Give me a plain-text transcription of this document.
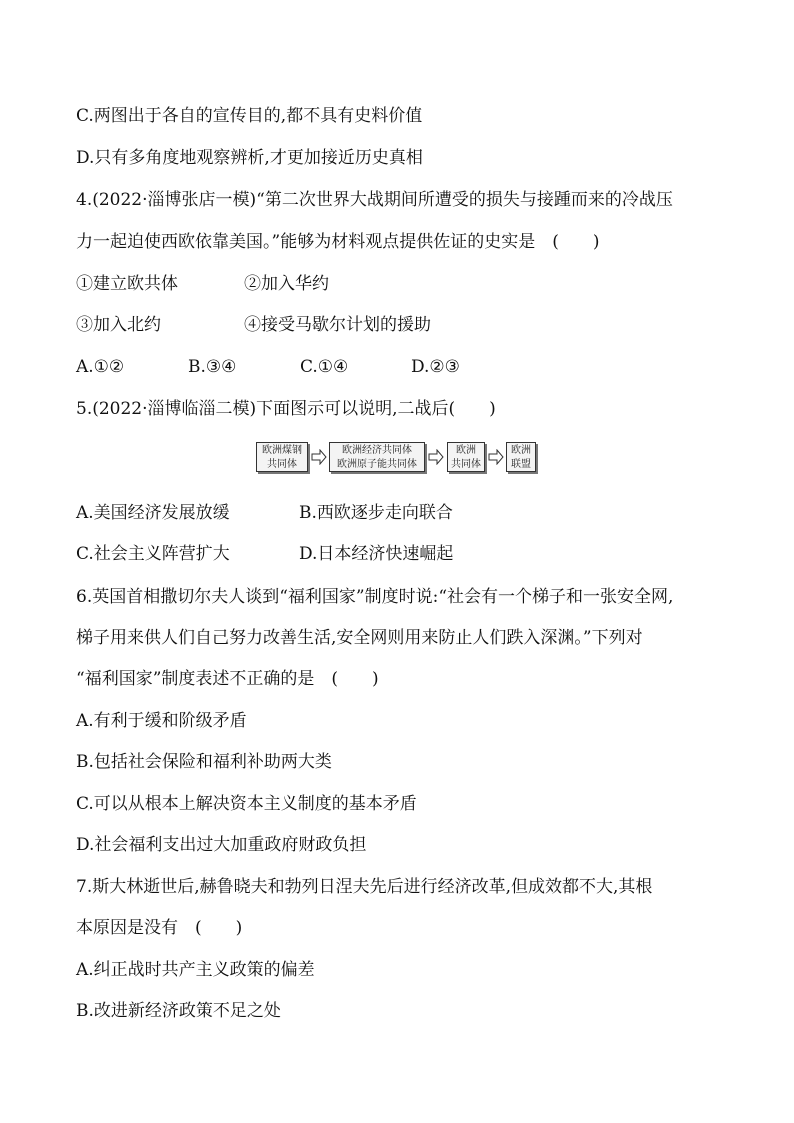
C.两图出于各自的宣传目的,都不具有史料价值
D.只有多角度地观察辨析,才更加接近历史真相
4.(2022·淄博张店一模)“第二次世界大战期间所遭受的损失与接踵而来的冷战压
力一起迫使西欧依靠美国。”能够为材料观点提供佐证的史实是　(　　)
①建立欧共体	②加入华约
③加入北约	④接受马歇尔计划的援助
A.①②	B.③④	C.①④	D.②③
5.(2022·淄博临淄二模)下面图示可以说明,二战后(　　)
欧洲煤钢
共同体
欧洲经济共同体
欧洲原子能共同体
欧洲
共同体
欧洲
联盟
A.美国经济发展放缓	B.西欧逐步走向联合
C.社会主义阵营扩大	D.日本经济快速崛起
6.英国首相撒切尔夫人谈到“福利国家”制度时说:“社会有一个梯子和一张安全网,
梯子用来供人们自己努力改善生活,安全网则用来防止人们跌入深渊。”下列对
“福利国家”制度表述不正确的是　(　　)
A.有利于缓和阶级矛盾
B.包括社会保险和福利补助两大类
C.可以从根本上解决资本主义制度的基本矛盾
D.社会福利支出过大加重政府财政负担
7.斯大林逝世后,赫鲁晓夫和勃列日涅夫先后进行经济改革,但成效都不大,其根
本原因是没有　(　　)
A.纠正战时共产主义政策的偏差
B.改进新经济政策不足之处
